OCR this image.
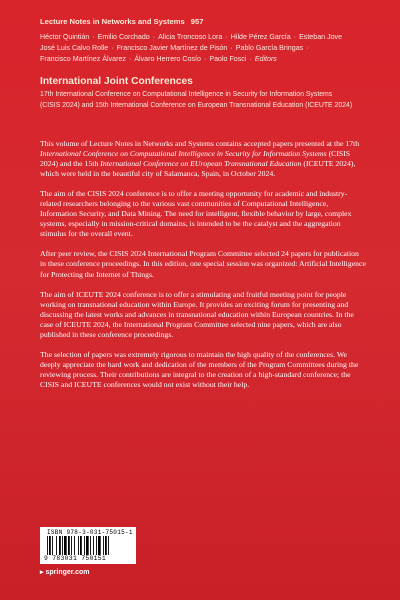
Lecture Notes in Networks and Systems 957
Héctor Quintián · Emilio Corchado · Alicia Troncoso Lora · Hilde Pérez García · Esteban Jove
José Luis Calvo Rolle · Francisco Javier Martínez de Pisón · Pablo García Bringas ·
Francisco Martínez Álvarez · Álvaro Herrero Cosío · Paolo Fosci · Editors
International Joint Conferences
17th International Conference on Computational Intelligence in Security for Information Systems
(CISIS 2024) and 15th International Conference on European Transnational Education (ICEUTE 2024)

This volume of Lecture Notes in Networks and Systems contains accepted papers presented at the 17th International Conference on Computational Intelligence in Security for Information Systems (CISIS 2024) and the 15th International Conference on EUropean Transnational Education (ICEUTE 2024), which were held in the beautiful city of Salamanca, Spain, in October 2024.

The aim of the CISIS 2024 conference is to offer a meeting opportunity for academic and industry-related researchers belonging to the various vast communities of Computational Intelligence, Information Security, and Data Mining. The need for intelligent, flexible behavior by large, complex systems, especially in mission-critical domains, is intended to be the catalyst and the aggregation stimulus for the overall event.

After peer review, the CISIS 2024 International Program Committee selected 24 papers for publication in these conference proceedings. In this edition, one special session was organized: Artificial Intelligence for Protecting the Internet of Things.

The aim of ICEUTE 2024 conference is to offer a stimulating and fruitful meeting point for people working on transnational education within Europe. It provides an exciting forum for presenting and discussing the latest works and advances in transnational education within European countries. In the case of ICEUTE 2024, the International Program Committee selected nine papers, which are also published in these conference proceedings.

The selection of papers was extremely rigorous to maintain the high quality of the conferences. We deeply appreciate the hard work and dedication of the members of the Program Committees during the reviewing process. Their contributions are integral to the creation of a high-standard conference; the CISIS and ICEUTE conferences would not exist without their help.

ISBN 978-3-031-75015-1
9 783031 750151
▸ springer.com
